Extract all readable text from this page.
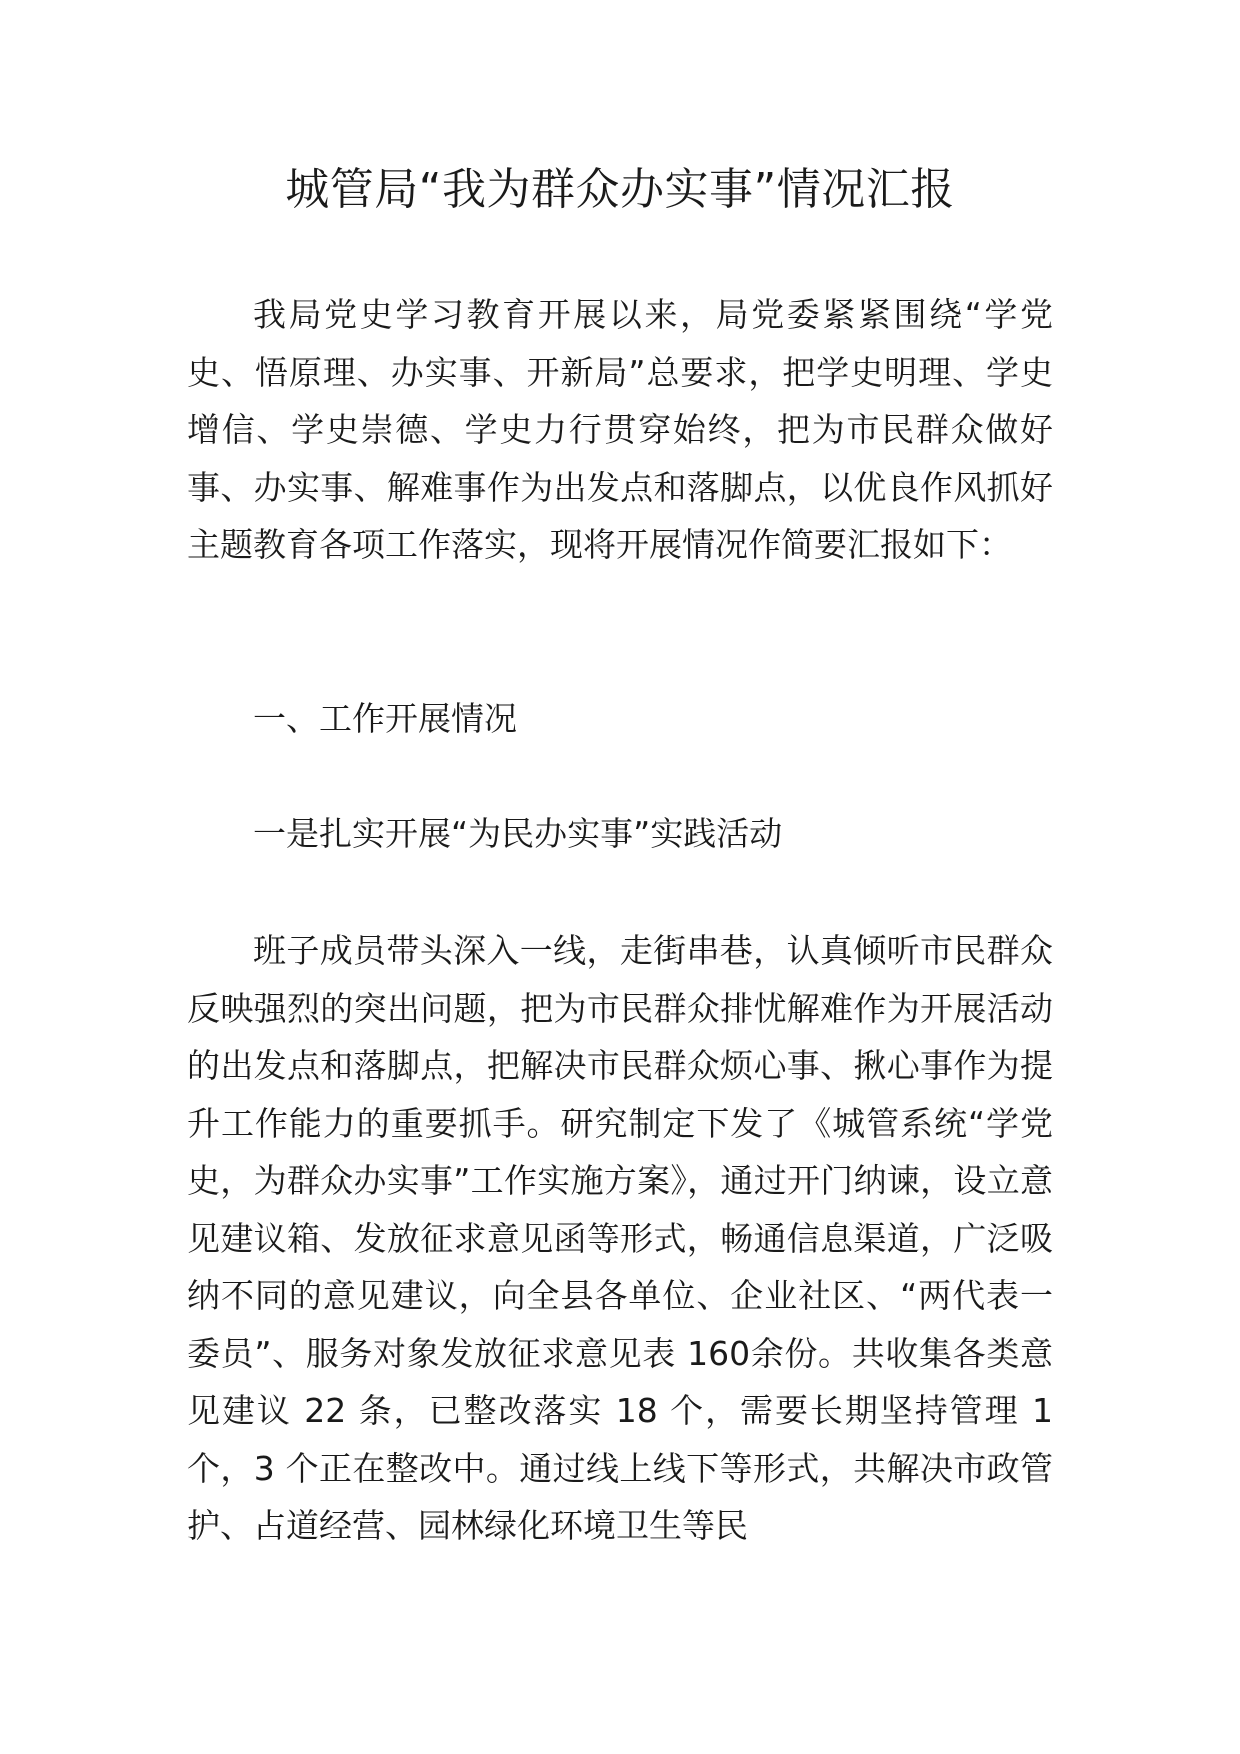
城管局“我为群众办实事”情况汇报

我局党史学习教育开展以来，局党委紧紧围绕“学党史、悟原理、办实事、开新局”总要求，把学史明理、学史增信、学史崇德、学史力行贯穿始终，把为市民群众做好事、办实事、解难事作为出发点和落脚点，以优良作风抓好主题教育各项工作落实，现将开展情况作简要汇报如下：

一、工作开展情况

一是扎实开展“为民办实事”实践活动

班子成员带头深入一线，走街串巷，认真倾听市民群众反映强烈的突出问题，把为市民群众排忧解难作为开展活动的出发点和落脚点，把解决市民群众烦心事、揪心事作为提升工作能力的重要抓手。研究制定下发了《城管系统“学党史，为群众办实事”工作实施方案》，通过开门纳谏，设立意见建议箱、发放征求意见函等形式，畅通信息渠道，广泛吸纳不同的意见建议，向全县各单位、企业社区、“两代表一委员”、服务对象发放征求意见表 160余份。共收集各类意见建议 22 条，已整改落实 18 个，需要长期坚持管理 1 个，3 个正在整改中。通过线上线下等形式，共解决市政管护、占道经营、园林绿化环境卫生等民
